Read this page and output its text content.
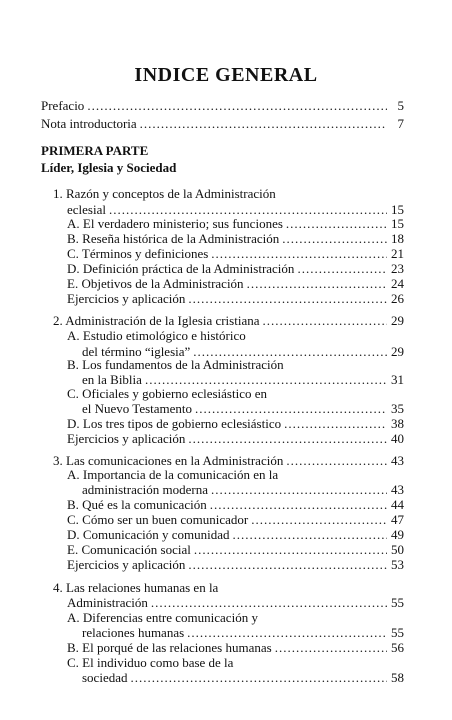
INDICE GENERAL
Prefacio .....	5
Nota introductoria .....	7
PRIMERA PARTE
Líder, Iglesia y Sociedad
1. Razón y conceptos de la Administración
eclesial .....	15
A. El verdadero ministerio; sus funciones .....	15
B. Reseña histórica de la Administración .....	18
C. Términos y definiciones .....	21
D. Definición práctica de la Administración .....	23
E. Objetivos de la Administración .....	24
Ejercicios y aplicación .....	26
2. Administración de la Iglesia cristiana .....	29
A. Estudio etimológico e histórico
del término “iglesia” .....	29
B. Los fundamentos de la Administración
en la Biblia .....	31
C. Oficiales y gobierno eclesiástico en
el Nuevo Testamento .....	35
D. Los tres tipos de gobierno eclesiástico .....	38
Ejercicios y aplicación .....	40
3. Las comunicaciones en la Administración .....	43
A. Importancia de la comunicación en la
administración moderna .....	43
B. Qué es la comunicación .....	44
C. Cómo ser un buen comunicador .....	47
D. Comunicación y comunidad .....	49
E. Comunicación social .....	50
Ejercicios y aplicación .....	53
4. Las relaciones humanas en la
Administración .....	55
A. Diferencias entre comunicación y
relaciones humanas .....	55
B. El porqué de las relaciones humanas .....	56
C. El individuo como base de la
sociedad .....	58
